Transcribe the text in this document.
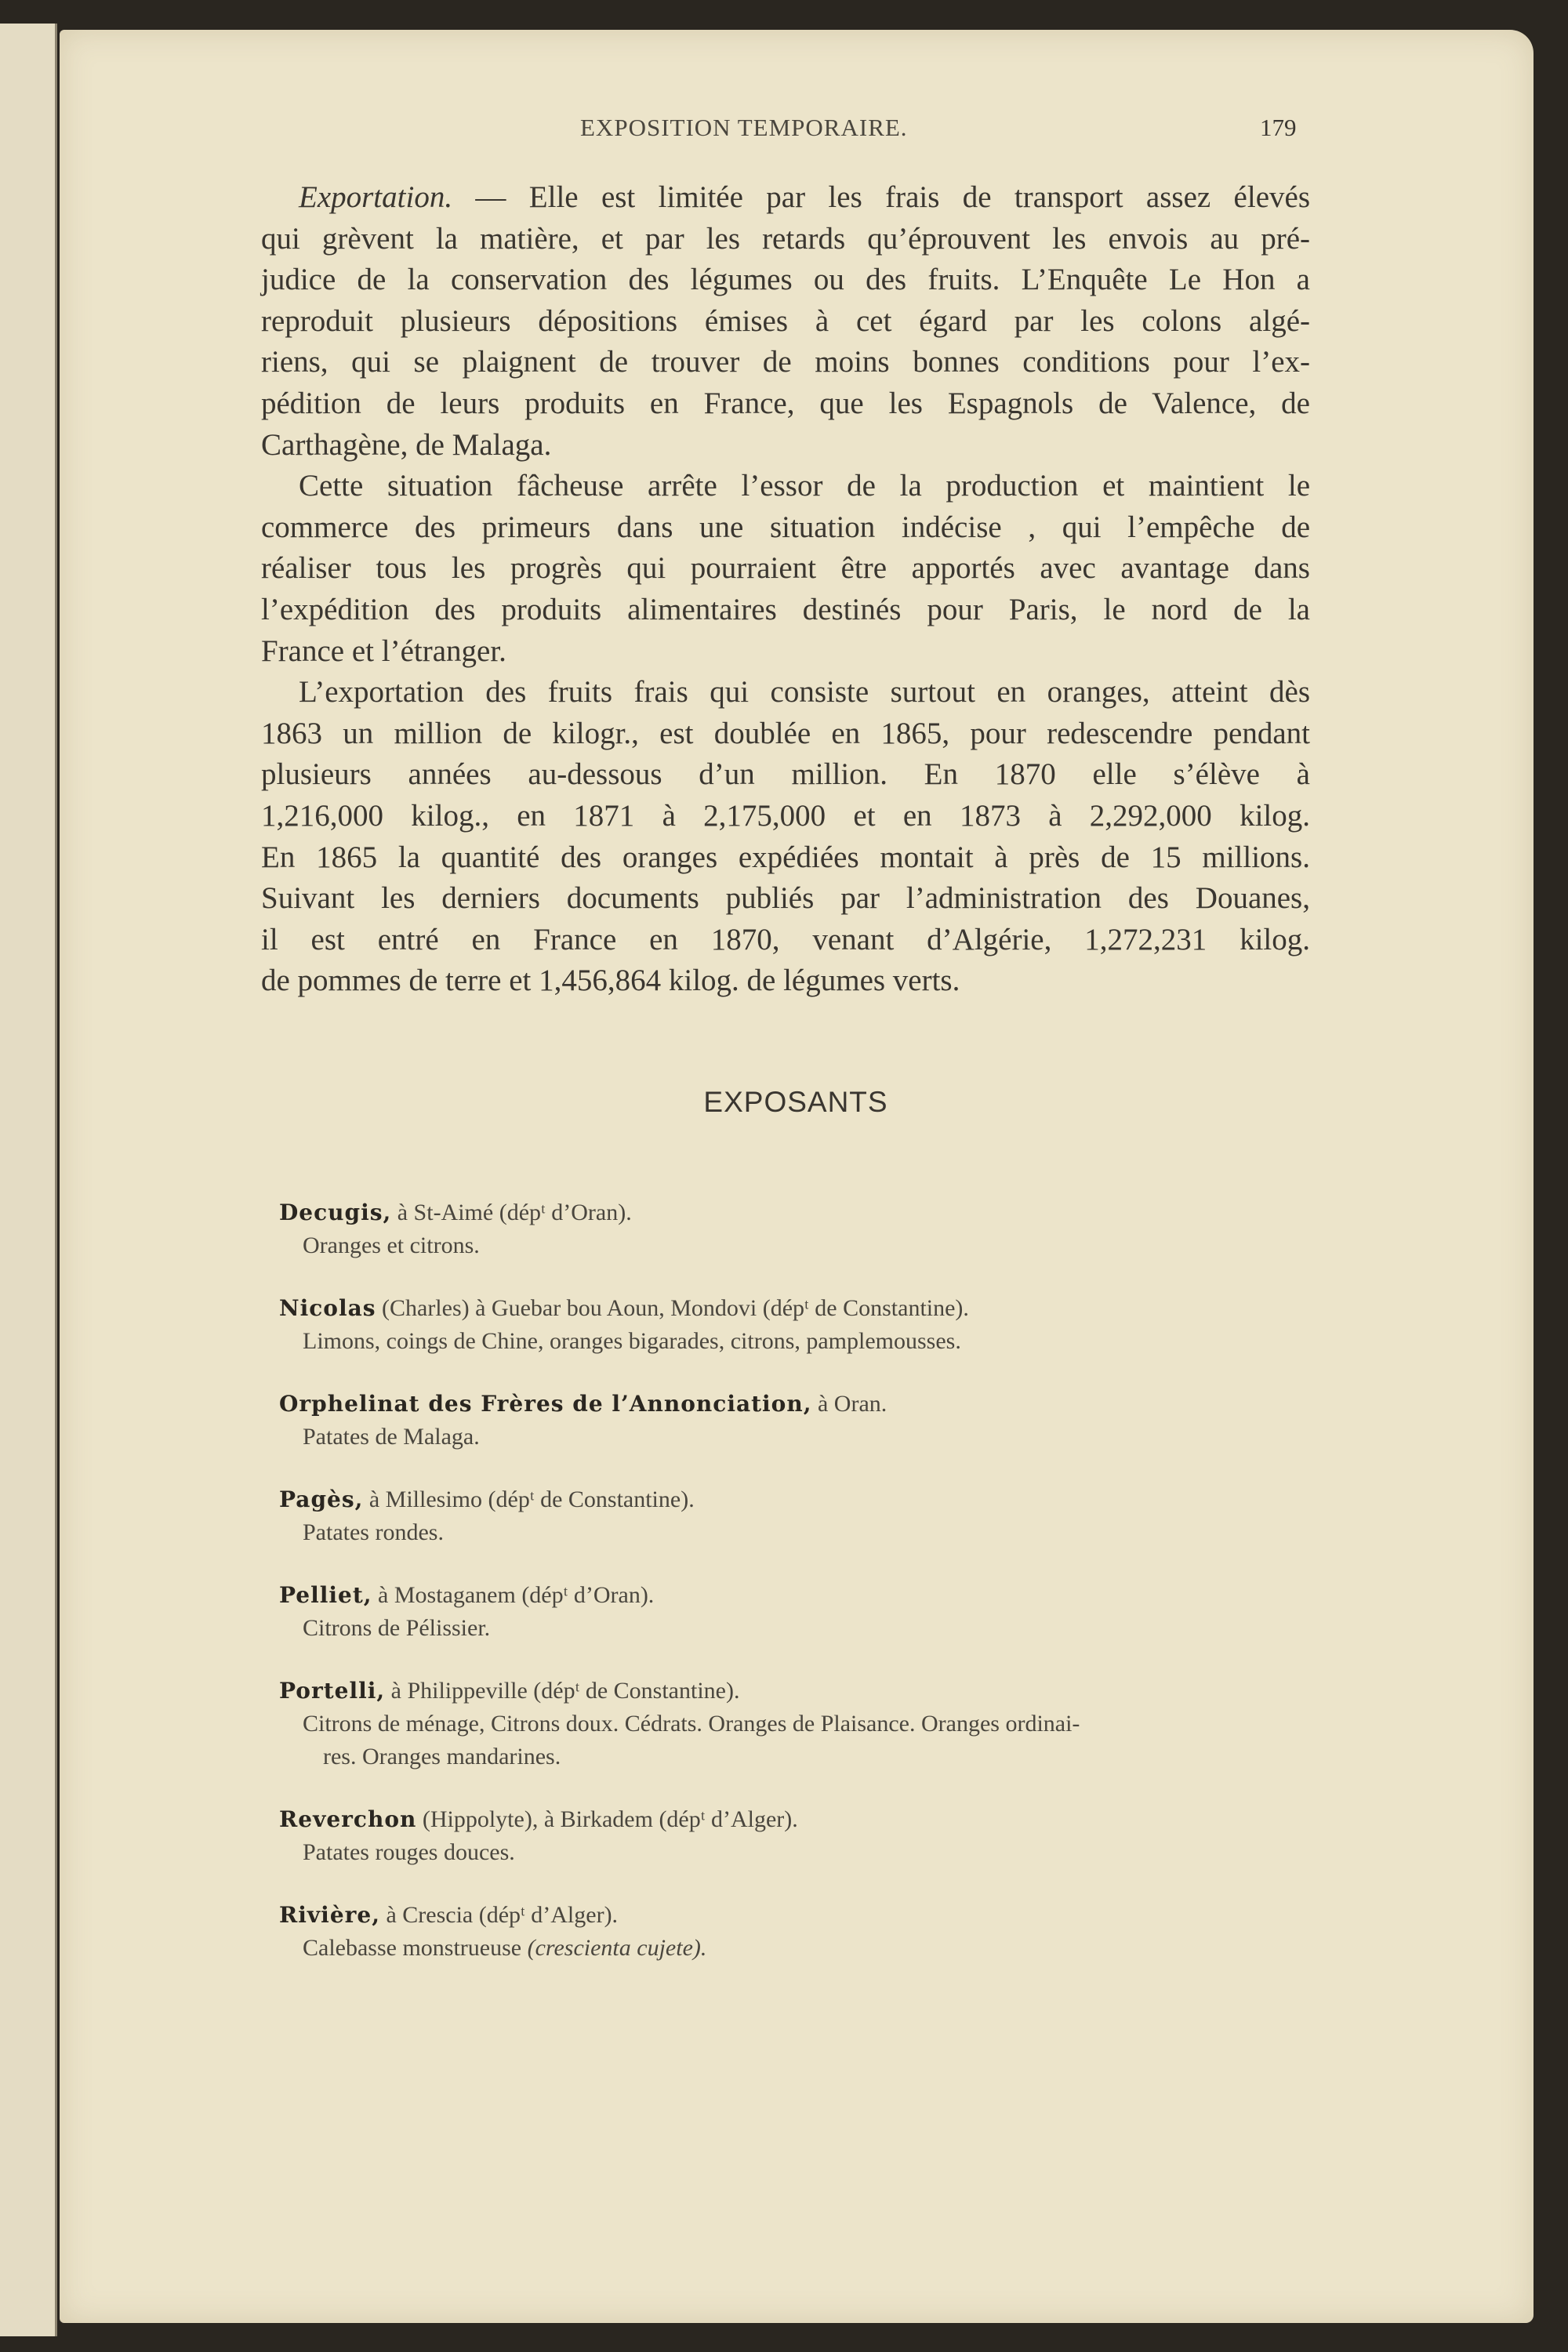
EXPOSITION TEMPORAIRE.	179
Exportation. — Elle est limitée par les frais de transport assez élevés
qui grèvent la matière, et par les retards qu’éprouvent les envois au pré-
judice de la conservation des légumes ou des fruits. L’Enquête Le Hon a
reproduit plusieurs dépositions émises à cet égard par les colons algé-
riens, qui se plaignent de trouver de moins bonnes conditions pour l’ex-
pédition de leurs produits en France, que les Espagnols de Valence, de
Carthagène, de Malaga.
Cette situation fâcheuse arrête l’essor de la production et maintient le
commerce des primeurs dans une situation indécise , qui l’empêche de
réaliser tous les progrès qui pourraient être apportés avec avantage dans
l’expédition des produits alimentaires destinés pour Paris, le nord de la
France et l’étranger.
L’exportation des fruits frais qui consiste surtout en oranges, atteint dès
1863 un million de kilogr., est doublée en 1865, pour redescendre pendant
plusieurs années au-dessous d’un million. En 1870 elle s’élève à
1,216,000 kilog., en 1871 à 2,175,000 et en 1873 à 2,292,000 kilog.
En 1865 la quantité des oranges expédiées montait à près de 15 millions.
Suivant les derniers documents publiés par l’administration des Douanes,
il est entré en France en 1870, venant d’Algérie, 1,272,231 kilog.
de pommes de terre et 1,456,864 kilog. de légumes verts.
EXPOSANTS
Decugis, à St-Aimé (dépᵗ d’Oran).
Oranges et citrons.
Nicolas (Charles) à Guebar bou Aoun, Mondovi (dépᵗ de Constantine).
Limons, coings de Chine, oranges bigarades, citrons, pamplemousses.
Orphelinat des Frères de l’Annonciation, à Oran.
Patates de Malaga.
Pagès, à Millesimo (dépᵗ de Constantine).
Patates rondes.
Pelliet, à Mostaganem (dépᵗ d’Oran).
Citrons de Pélissier.
Portelli, à Philippeville (dépᵗ de Constantine).
Citrons de ménage, Citrons doux. Cédrats. Oranges de Plaisance. Oranges ordinai-
res. Oranges mandarines.
Reverchon (Hippolyte), à Birkadem (dépᵗ d’Alger).
Patates rouges douces.
Rivière, à Crescia (dépᵗ d’Alger).
Calebasse monstrueuse (crescienta cujete).
